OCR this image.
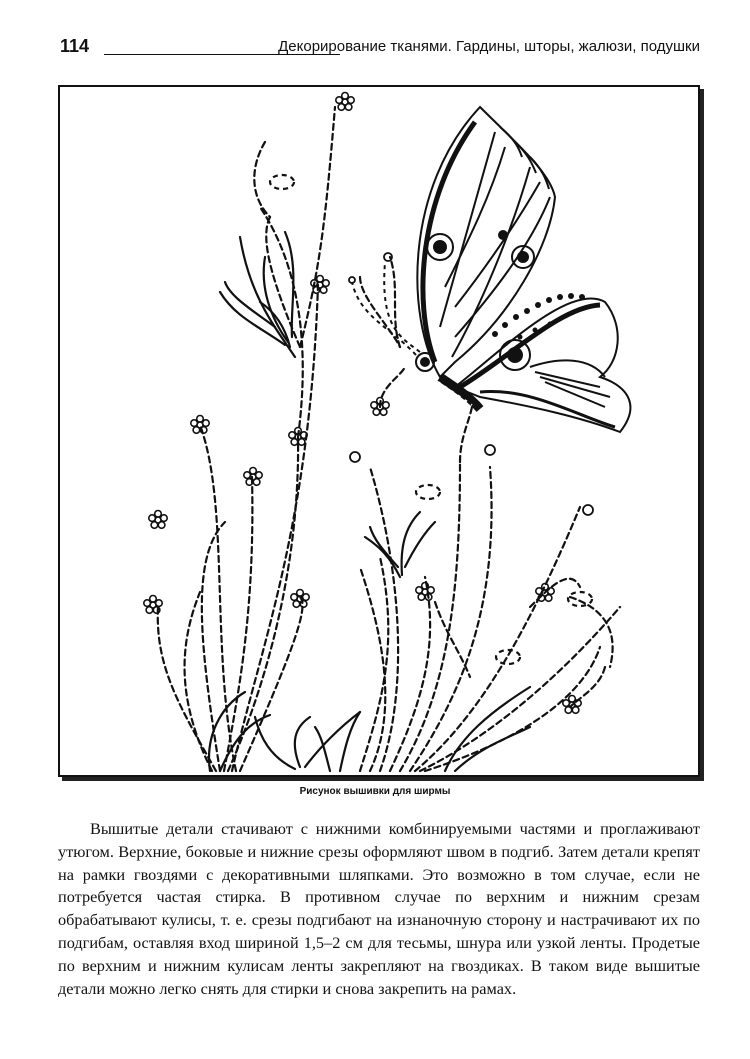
114	Декорирование тканями. Гардины, шторы, жалюзи, подушки
Рисунок вышивки для ширмы

Вышитые детали стачивают с нижними комбинируемыми частями и проглаживают утюгом. Верхние, боковые и нижние срезы оформляют швом в подгиб. Затем детали крепят на рамки гвоздями с декоративными шляпками. Это возможно в том случае, если не потребуется частая стирка. В противном случае по верхним и нижним срезам обрабатывают кулисы, т. е. срезы подгибают на изнаночную сторону и настрачивают их по подгибам, оставляя вход шириной 1,5–2 см для тесьмы, шнура или узкой ленты. Продетые по верхним и нижним кулисам ленты закрепляют на гвоздиках. В таком виде вышитые детали можно легко снять для стирки и снова закрепить на рамах.
